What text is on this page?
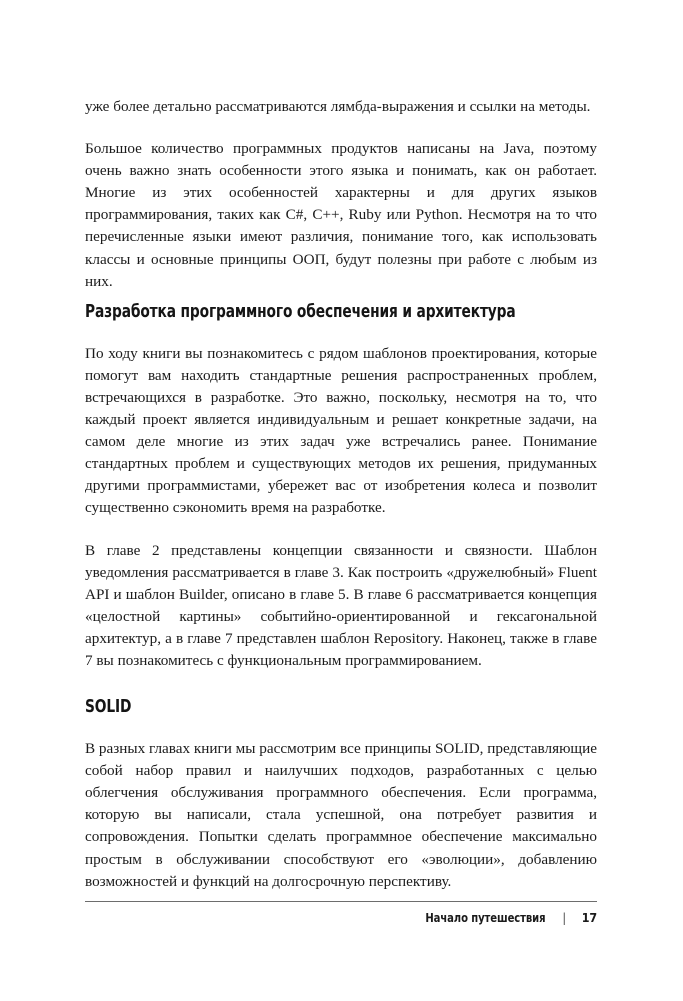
уже более детально рассматриваются лямбда-выражения и ссылки на методы.

Большое количество программных продуктов написаны на Java, поэтому очень важно знать особенности этого языка и понимать, как он работает. Многие из этих особенностей характерны и для других языков программирования, таких как C#, C++, Ruby или Python. Несмотря на то что перечисленные языки имеют различия, понимание того, как использовать классы и основные принципы ООП, будут полезны при работе с любым из них.

Разработка программного обеспечения и архитектура

По ходу книги вы познакомитесь с рядом шаблонов проектирования, которые помогут вам находить стандартные решения распространенных проблем, встречающихся в разработке. Это важно, поскольку, несмотря на то, что каждый проект является индивидуальным и решает конкретные задачи, на самом деле многие из этих задач уже встречались ранее. Понимание стандартных проблем и существующих методов их решения, придуманных другими программистами, убережет вас от изобретения колеса и позволит существенно сэкономить время на разработке.

В главе 2 представлены концепции связанности и связности. Шаблон уведомления рассматривается в главе 3. Как построить «дружелюбный» Fluent API и шаблон Builder, описано в главе 5. В главе 6 рассматривается концепция «целостной картины» событийно-ориентированной и гексагональной архитектур, а в главе 7 представлен шаблон Repository. Наконец, также в главе 7 вы познакомитесь с функциональным программированием.

SOLID

В разных главах книги мы рассмотрим все принципы SOLID, представляющие собой набор правил и наилучших подходов, разработанных с целью облегчения обслуживания программного обеспечения. Если программа, которую вы написали, стала успешной, она потребует развития и сопровождения. Попытки сделать программное обеспечение максимально простым в обслуживании способствуют его «эволюции», добавлению возможностей и функций на долгосрочную перспективу.

Начало путешествия | 17
